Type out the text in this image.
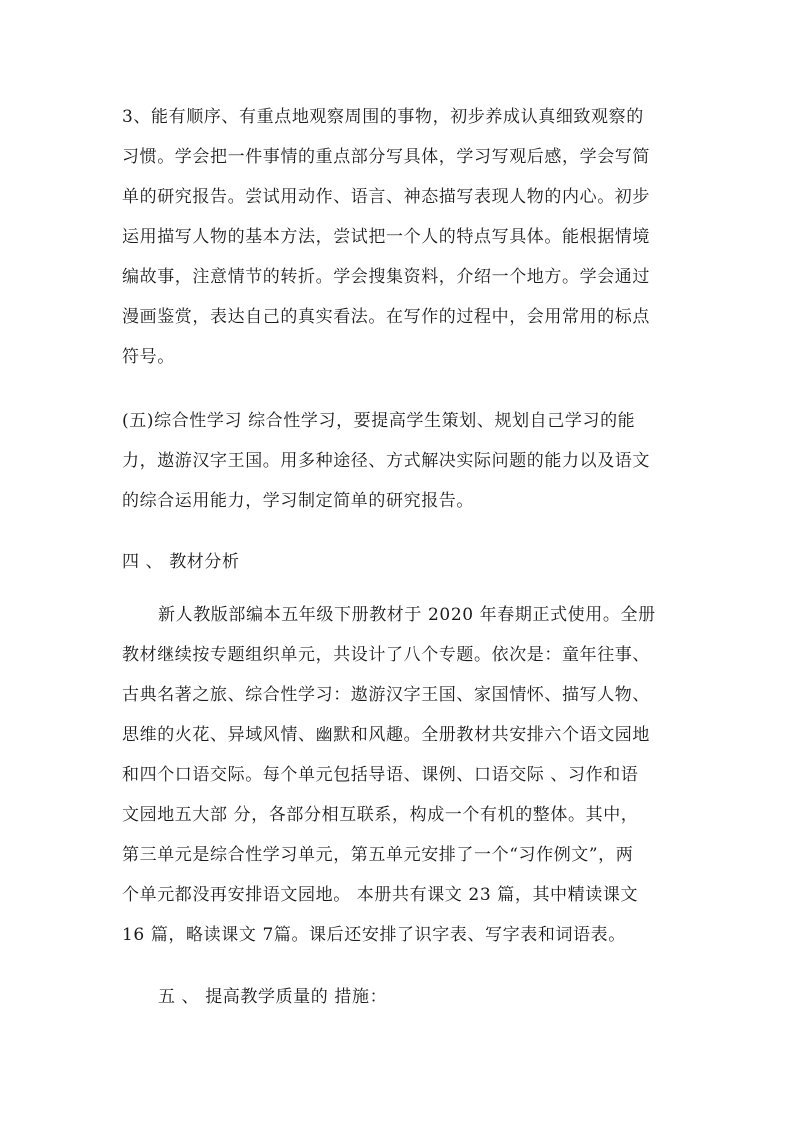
3、能有顺序、有重点地观察周围的事物，初步养成认真细致观察的
习惯。学会把一件事情的重点部分写具体，学习写观后感，学会写简
单的研究报告。尝试用动作、语言、神态描写表现人物的内心。初步
运用描写人物的基本方法，尝试把一个人的特点写具体。能根据情境
编故事，注意情节的转折。学会搜集资料，介绍一个地方。学会通过
漫画鉴赏，表达自己的真实看法。在写作的过程中，会用常用的标点
符号。
(五)综合性学习 综合性学习，要提高学生策划、规划自己学习的能
力，遨游汉字王国。用多种途径、方式解决实际问题的能力以及语文
的综合运用能力，学习制定简单的研究报告。
四 、 教材分析
新人教版部编本五年级下册教材于 2020 年春期正式使用。全册
教材继续按专题组织单元，共设计了八个专题。依次是：童年往事、
古典名著之旅、综合性学习：遨游汉字王国、家国情怀、描写人物、
思维的火花、异域风情、幽默和风趣。全册教材共安排六个语文园地
和四个口语交际。每个单元包括导语、课例、口语交际 、习作和语
文园地五大部 分，各部分相互联系，构成一个有机的整体。其中，
第三单元是综合性学习单元，第五单元安排了一个“习作例文”，两
个单元都没再安排语文园地。 本册共有课文 23 篇，其中精读课文
16 篇，略读课文 7篇。课后还安排了识字表、写字表和词语表。
五 、 提高教学质量的 措施：
